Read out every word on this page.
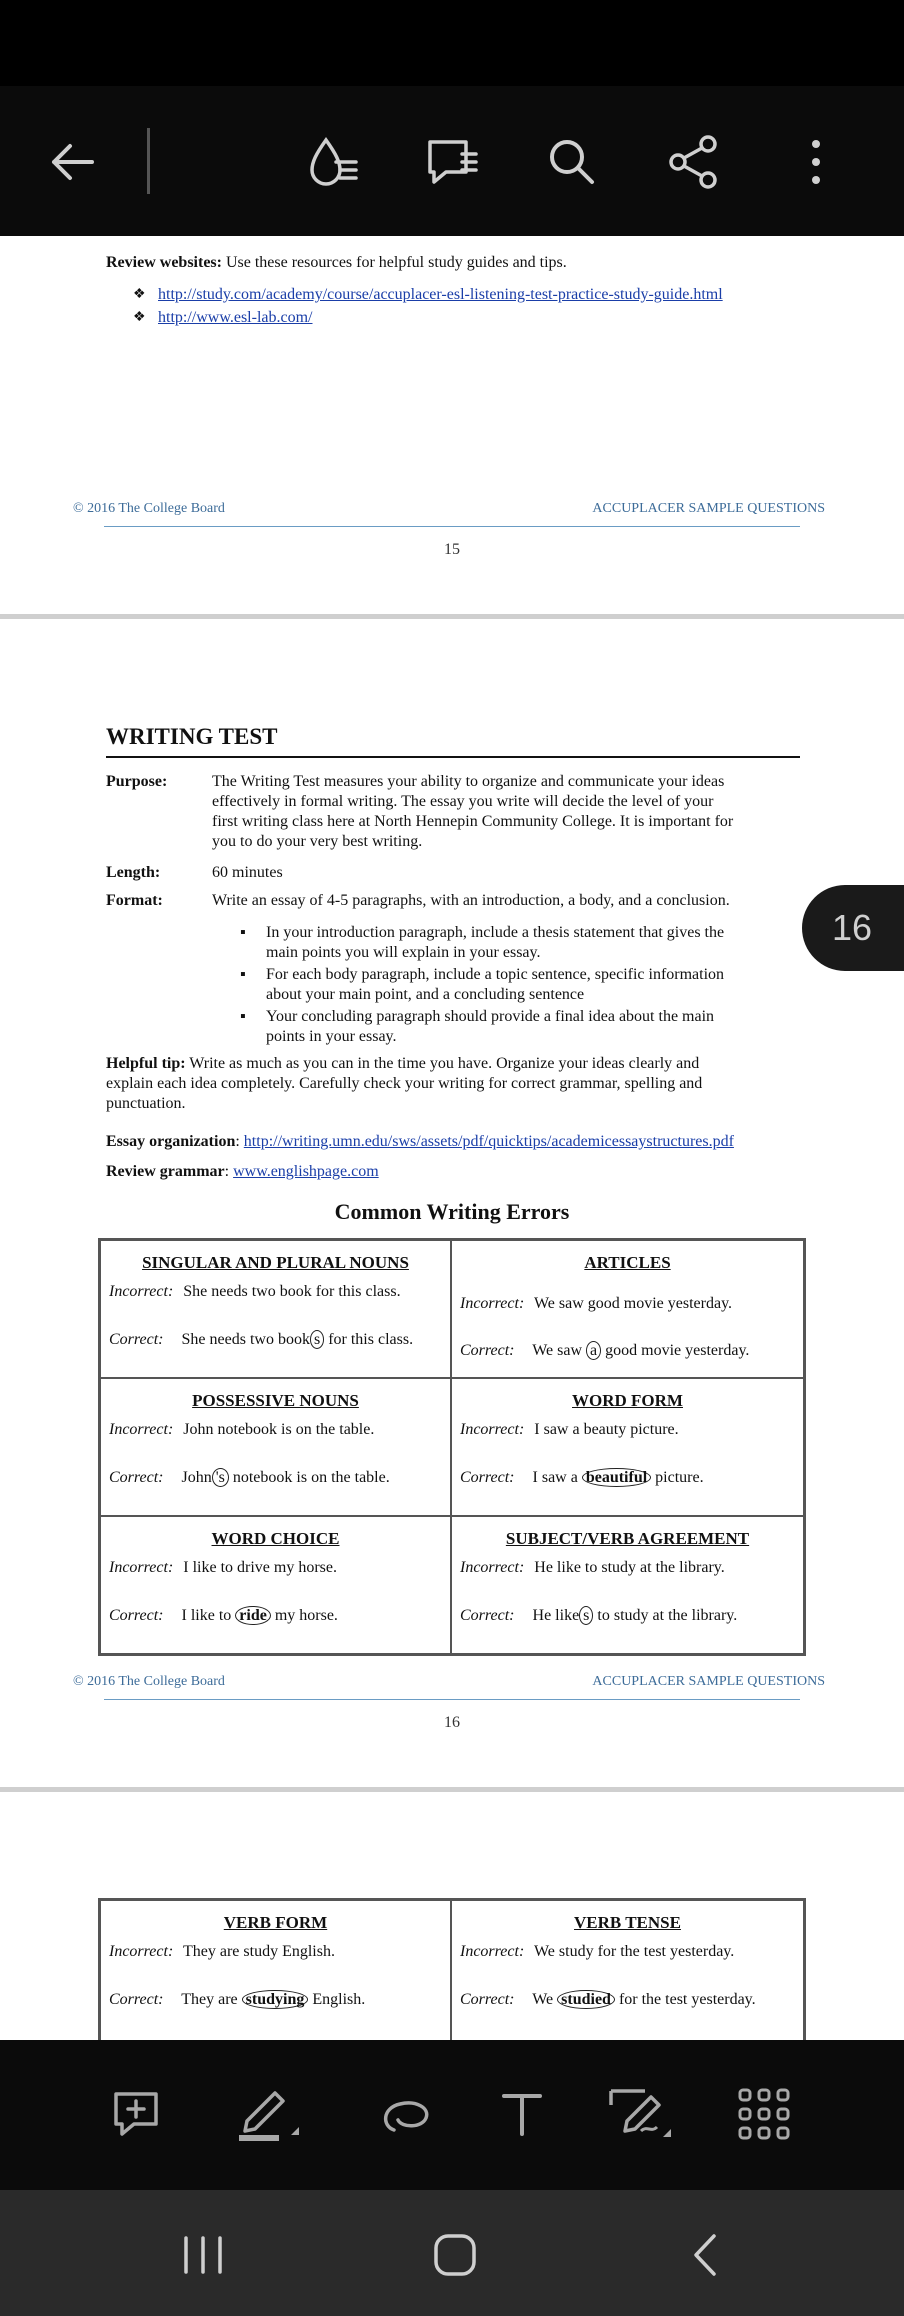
Review websites: Use these resources for helpful study guides and tips.
❖ http://study.com/academy/course/accuplacer-esl-listening-test-practice-study-guide.html
❖ http://www.esl-lab.com/
© 2016 The College Board	ACCUPLACER SAMPLE QUESTIONS
15
WRITING TEST
Purpose:	The Writing Test measures your ability to organize and communicate your ideas
effectively in formal writing. The essay you write will decide the level of your
first writing class here at North Hennepin Community College. It is important for
you to do your very best writing.
Length:	60 minutes
Format:	Write an essay of 4-5 paragraphs, with an introduction, a body, and a conclusion.
▪ In your introduction paragraph, include a thesis statement that gives the
main points you will explain in your essay.
▪ For each body paragraph, include a topic sentence, specific information
about your main point, and a concluding sentence
▪ Your concluding paragraph should provide a final idea about the main
points in your essay.
Helpful tip: Write as much as you can in the time you have. Organize your ideas clearly and
explain each idea completely. Carefully check your writing for correct grammar, spelling and
punctuation.
Essay organization: http://writing.umn.edu/sws/assets/pdf/quicktips/academicessaystructures.pdf
Review grammar: www.englishpage.com
Common Writing Errors
SINGULAR AND PLURAL NOUNS
Incorrect: She needs two book for this class.
Correct: She needs two book s for this class.
ARTICLES
Incorrect: We saw good movie yesterday.
Correct: We saw a good movie yesterday.
POSSESSIVE NOUNS
Incorrect: John notebook is on the table.
Correct: John 's notebook is on the table.
WORD FORM
Incorrect: I saw a beauty picture.
Correct: I saw a beautiful picture.
WORD CHOICE
Incorrect: I like to drive my horse.
Correct: I like to ride my horse.
SUBJECT/VERB AGREEMENT
Incorrect: He like to study at the library.
Correct: He like s to study at the library.
© 2016 The College Board	ACCUPLACER SAMPLE QUESTIONS
16
VERB FORM
Incorrect: They are study English.
Correct: They are studying English.
VERB TENSE
Incorrect: We study for the test yesterday.
Correct: We studied for the test yesterday.
16
